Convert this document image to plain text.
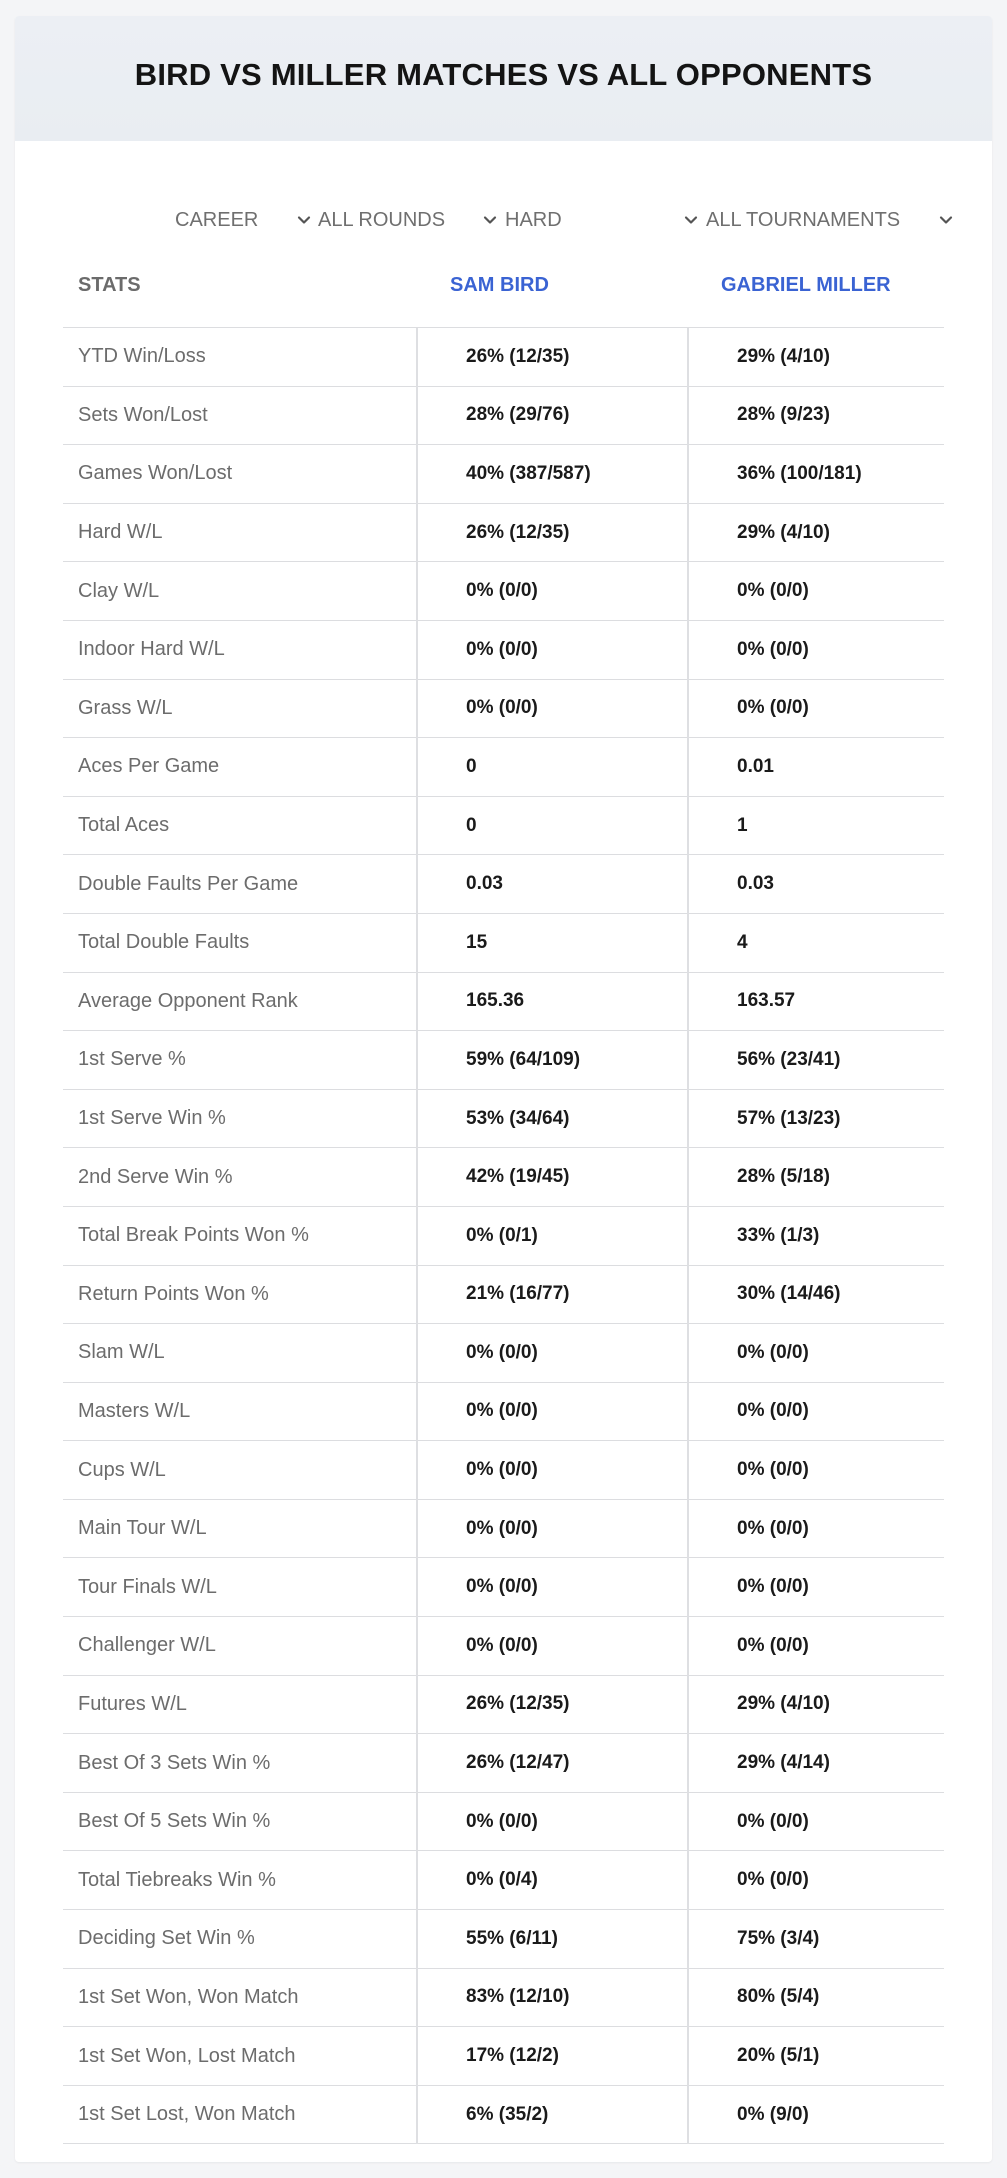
BIRD VS MILLER MATCHES VS ALL OPPONENTS
CAREER	ALL ROUNDS	HARD	ALL TOURNAMENTS
STATS	SAM BIRD	GABRIEL MILLER
YTD Win/Loss	26% (12/35)	29% (4/10)
Sets Won/Lost	28% (29/76)	28% (9/23)
Games Won/Lost	40% (387/587)	36% (100/181)
Hard W/L	26% (12/35)	29% (4/10)
Clay W/L	0% (0/0)	0% (0/0)
Indoor Hard W/L	0% (0/0)	0% (0/0)
Grass W/L	0% (0/0)	0% (0/0)
Aces Per Game	0	0.01
Total Aces	0	1
Double Faults Per Game	0.03	0.03
Total Double Faults	15	4
Average Opponent Rank	165.36	163.57
1st Serve %	59% (64/109)	56% (23/41)
1st Serve Win %	53% (34/64)	57% (13/23)
2nd Serve Win %	42% (19/45)	28% (5/18)
Total Break Points Won %	0% (0/1)	33% (1/3)
Return Points Won %	21% (16/77)	30% (14/46)
Slam W/L	0% (0/0)	0% (0/0)
Masters W/L	0% (0/0)	0% (0/0)
Cups W/L	0% (0/0)	0% (0/0)
Main Tour W/L	0% (0/0)	0% (0/0)
Tour Finals W/L	0% (0/0)	0% (0/0)
Challenger W/L	0% (0/0)	0% (0/0)
Futures W/L	26% (12/35)	29% (4/10)
Best Of 3 Sets Win %	26% (12/47)	29% (4/14)
Best Of 5 Sets Win %	0% (0/0)	0% (0/0)
Total Tiebreaks Win %	0% (0/4)	0% (0/0)
Deciding Set Win %	55% (6/11)	75% (3/4)
1st Set Won, Won Match	83% (12/10)	80% (5/4)
1st Set Won, Lost Match	17% (12/2)	20% (5/1)
1st Set Lost, Won Match	6% (35/2)	0% (9/0)
